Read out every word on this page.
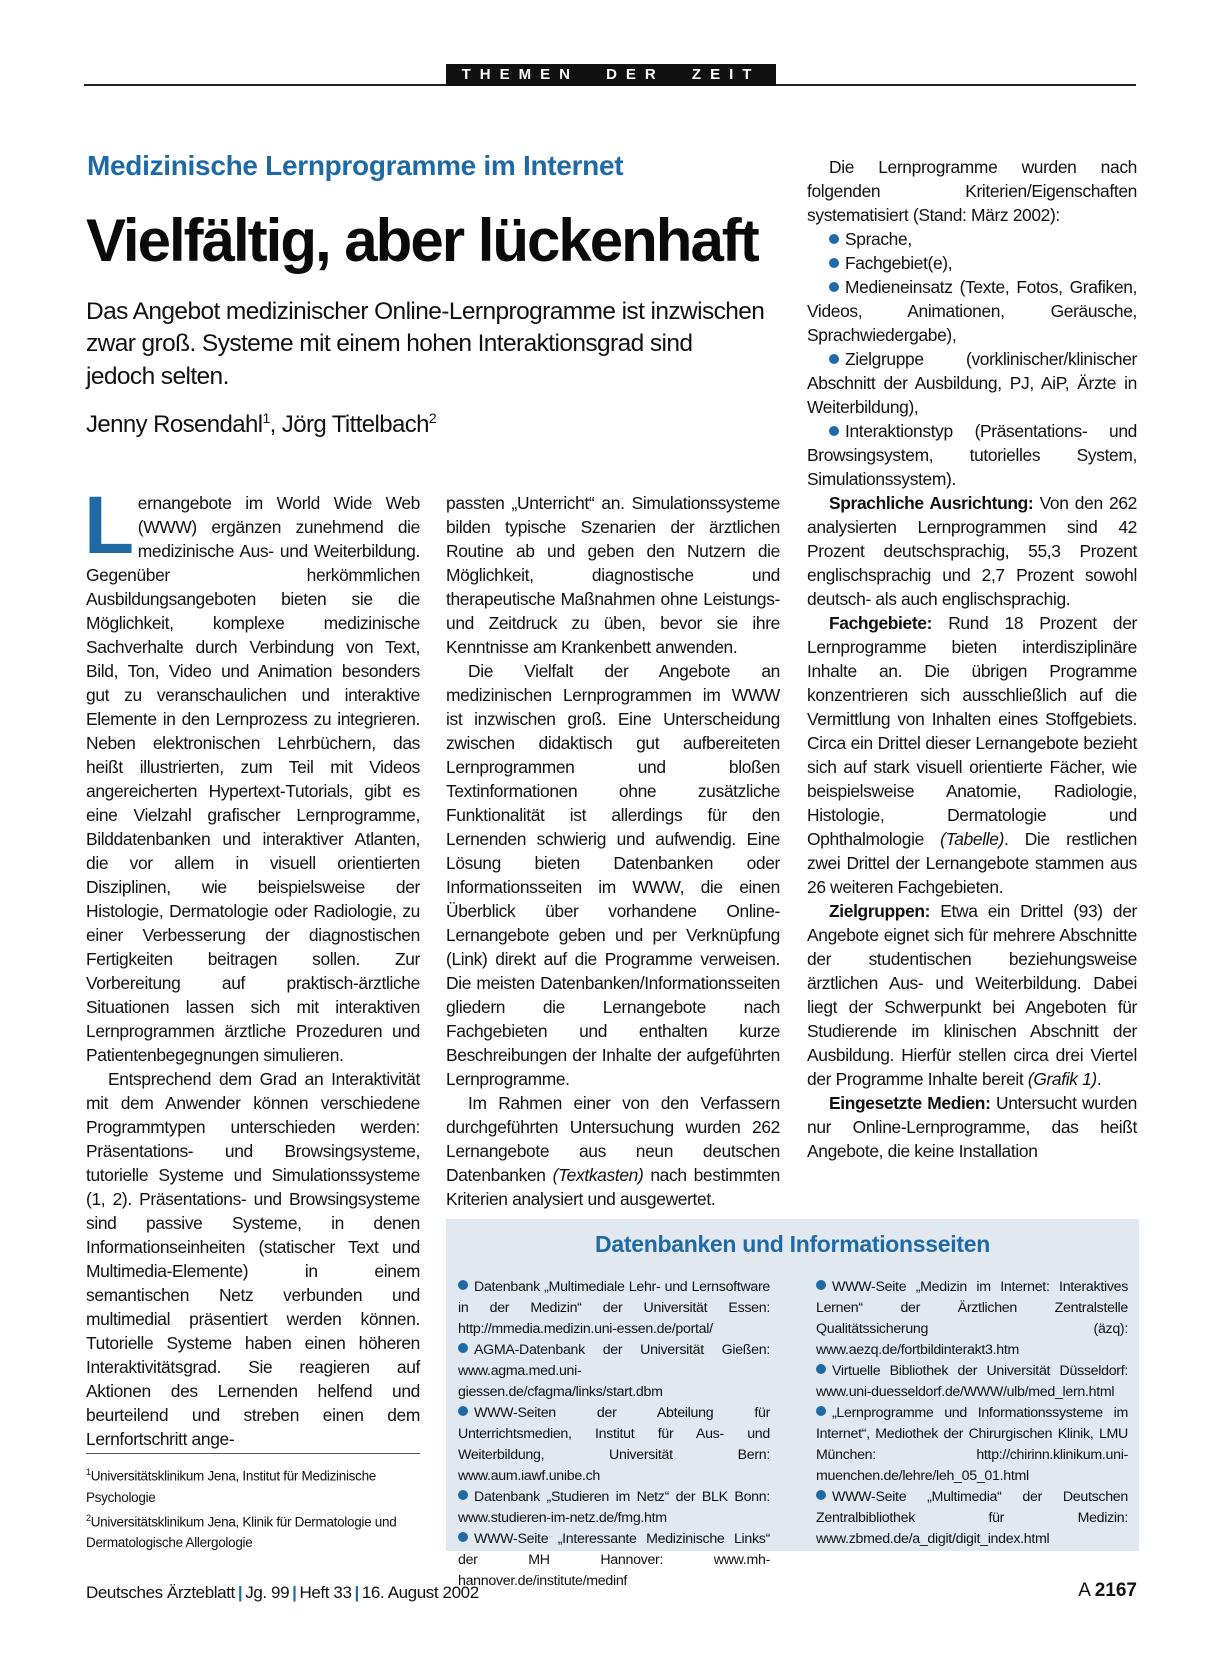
THEMEN DER ZEIT
Medizinische Lernprogramme im Internet
Vielfältig, aber lückenhaft
Das Angebot medizinischer Online-Lernprogramme ist inzwischen zwar groß. Systeme mit einem hohen Interaktionsgrad sind jedoch selten.
Jenny Rosendahl$^1$, Jörg Tittelbach$^2$

Lernangebote im World Wide Web (WWW) ergänzen zunehmend die medizinische Aus- und Weiterbildung. Gegenüber herkömmlichen Ausbildungsangeboten bieten sie die Möglichkeit, komplexe medizinische Sachverhalte durch Verbindung von Text, Bild, Ton, Video und Animation besonders gut zu veranschaulichen und interaktive Elemente in den Lernprozess zu integrieren. Neben elektronischen Lehrbüchern, das heißt illustrierten, zum Teil mit Videos angereicherten Hypertext-Tutorials, gibt es eine Vielzahl grafischer Lernprogramme, Bilddatenbanken und interaktiver Atlanten, die vor allem in visuell orientierten Disziplinen, wie beispielsweise der Histologie, Dermatologie oder Radiologie, zu einer Verbesserung der diagnostischen Fertigkeiten beitragen sollen. Zur Vorbereitung auf praktisch-ärztliche Situationen lassen sich mit interaktiven Lernprogrammen ärztliche Prozeduren und Patientenbegegnungen simulieren.

Entsprechend dem Grad an Interaktivität mit dem Anwender können verschiedene Programmtypen unterschieden werden: Präsentations- und Browsingsysteme, tutorielle Systeme und Simulationssysteme (1, 2). Präsentations- und Browsingsysteme sind passive Systeme, in denen Informationseinheiten (statischer Text und Multimedia-Elemente) in einem semantischen Netz verbunden und multimedial präsentiert werden können. Tutorielle Systeme haben einen höheren Interaktivitätsgrad. Sie reagieren auf Aktionen des Lernenden helfend und beurteilend und streben einen dem Lernfortschritt ange-

passten „Unterricht“ an. Simulationssysteme bilden typische Szenarien der ärztlichen Routine ab und geben den Nutzern die Möglichkeit, diagnostische und therapeutische Maßnahmen ohne Leistungs- und Zeitdruck zu üben, bevor sie ihre Kenntnisse am Krankenbett anwenden.

Die Vielfalt der Angebote an medizinischen Lernprogrammen im WWW ist inzwischen groß. Eine Unterscheidung zwischen didaktisch gut aufbereiteten Lernprogrammen und bloßen Textinformationen ohne zusätzliche Funktionalität ist allerdings für den Lernenden schwierig und aufwendig. Eine Lösung bieten Datenbanken oder Informationsseiten im WWW, die einen Überblick über vorhandene Online-Lernangebote geben und per Verknüpfung (Link) direkt auf die Programme verweisen. Die meisten Datenbanken/Informationsseiten gliedern die Lernangebote nach Fachgebieten und enthalten kurze Beschreibungen der Inhalte der aufgeführten Lernprogramme.

Im Rahmen einer von den Verfassern durchgeführten Untersuchung wurden 262 Lernangebote aus neun deutschen Datenbanken (Textkasten) nach bestimmten Kriterien analysiert und ausgewertet.

Die Lernprogramme wurden nach folgenden Kriterien/Eigenschaften systematisiert (Stand: März 2002):

Sprache,
Fachgebiet(e),
Medieneinsatz (Texte, Fotos, Grafiken, Videos, Animationen, Geräusche, Sprachwiedergabe),
Zielgruppe (vorklinischer/klinischer Abschnitt der Ausbildung, PJ, AiP, Ärzte in Weiterbildung),
Interaktionstyp (Präsentations- und Browsingsystem, tutorielles System, Simulationssystem).

Sprachliche Ausrichtung: Von den 262 analysierten Lernprogrammen sind 42 Prozent deutschsprachig, 55,3 Prozent englischsprachig und 2,7 Prozent sowohl deutsch- als auch englischsprachig.

Fachgebiete: Rund 18 Prozent der Lernprogramme bieten interdisziplinäre Inhalte an. Die übrigen Programme konzentrieren sich ausschließlich auf die Vermittlung von Inhalten eines Stoffgebiets. Circa ein Drittel dieser Lernangebote bezieht sich auf stark visuell orientierte Fächer, wie beispielsweise Anatomie, Radiologie, Histologie, Dermatologie und Ophthalmologie (Tabelle). Die restlichen zwei Drittel der Lernangebote stammen aus 26 weiteren Fachgebieten.

Zielgruppen: Etwa ein Drittel (93) der Angebote eignet sich für mehrere Abschnitte der studentischen beziehungsweise ärztlichen Aus- und Weiterbildung. Dabei liegt der Schwerpunkt bei Angeboten für Studierende im klinischen Abschnitt der Ausbildung. Hierfür stellen circa drei Viertel der Programme Inhalte bereit (Grafik 1).

Eingesetzte Medien: Untersucht wurden nur Online-Lernprogramme, das heißt Angebote, die keine Installation

$^1$Universitätsklinikum Jena, Institut für Medizinische Psychologie
$^2$Universitätsklinikum Jena, Klinik für Dermatologie und Dermatologische Allergologie
Datenbanken und Informationsseiten
Datenbank „Multimediale Lehr- und Lernsoftware in der Medizin“ der Universität Essen: http://mmedia.medizin.uni-essen.de/portal/
AGMA-Datenbank der Universität Gießen: www.agma.med.uni-giessen.de/cfagma/links/start.dbm
WWW-Seiten der Abteilung für Unterrichtsmedien, Institut für Aus- und Weiterbildung, Universität Bern: www.aum.iawf.unibe.ch
Datenbank „Studieren im Netz“ der BLK Bonn: www.studieren-im-netz.de/fmg.htm
WWW-Seite „Interessante Medizinische Links“ der MH Hannover: www.mh-hannover.de/institute/medinf
WWW-Seite „Medizin im Internet: Interaktives Lernen“ der Ärztlichen Zentralstelle Qualitätssicherung (äzq): www.aezq.de/fortbildinterakt3.htm
Virtuelle Bibliothek der Universität Düsseldorf: www.uni-duesseldorf.de/WWW/ulb/med_lern.html
„Lernprogramme und Informationssysteme im Internet“, Mediothek der Chirurgischen Klinik, LMU München: http://chirinn.klinikum.uni-muenchen.de/lehre/leh_05_01.html
WWW-Seite „Multimedia“ der Deutschen Zentralbibliothek für Medizin: www.zbmed.de/a_digit/digit_index.html
Deutsches Ärzteblatt | Jg. 99 | Heft 33 | 16. August 2002	A  2167
